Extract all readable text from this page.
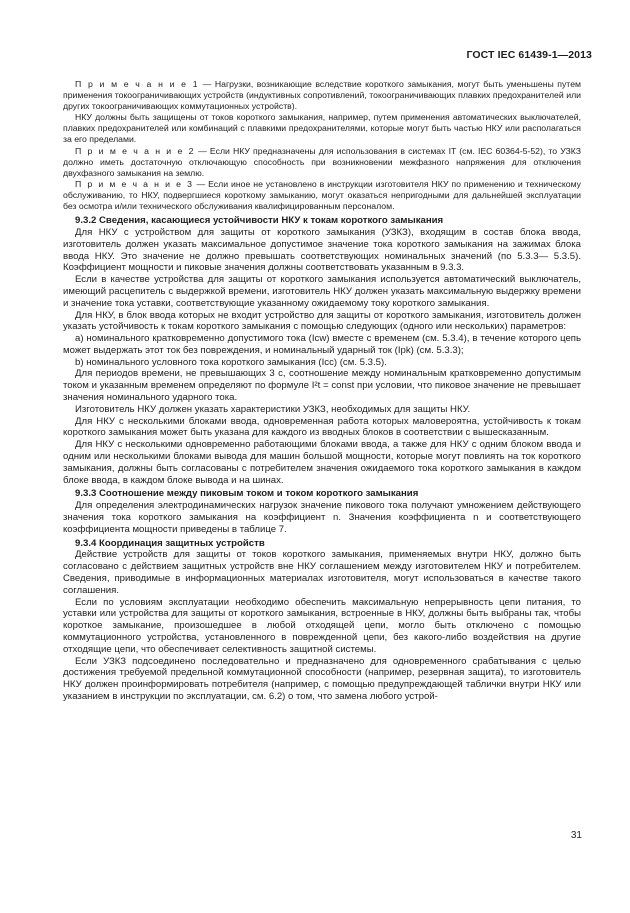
ГОСТ IEC 61439-1—2013

П р и м е ч а н и е 1 — Нагрузки, возникающие вследствие короткого замыкания, могут быть уменьшены путем применения токоограничивающих устройств (индуктивных сопротивлений, токоограничивающих плавких предохранителей или других токоограничивающих коммутационных устройств).

НКУ должны быть защищены от токов короткого замыкания, например, путем применения автоматических выключателей, плавких предохранителей или комбинаций с плавкими предохранителями, которые могут быть частью НКУ или располагаться за его пределами.

П р и м е ч а н и е 2 — Если НКУ предназначены для использования в системах IT (см. IEC 60364-5-52), то УЗКЗ должно иметь достаточную отключающую способность при возникновении межфазного напряжения для отключения двухфазного замыкания на землю.

П р и м е ч а н и е 3 — Если иное не установлено в инструкции изготовителя НКУ по применению и техническому обслуживанию, то НКУ, подвергшиеся короткому замыканию, могут оказаться непригодными для дальнейшей эксплуатации без осмотра и/или технического обслуживания квалифицированным персоналом.

9.3.2 Сведения, касающиеся устойчивости НКУ к токам короткого замыкания

Для НКУ с устройством для защиты от короткого замыкания (УЗКЗ), входящим в состав блока ввода, изготовитель должен указать максимальное допустимое значение тока короткого замыкания на зажимах блока ввода НКУ. Это значение не должно превышать соответствующих номинальных значений (по 5.3.3— 5.3.5). Коэффициент мощности и пиковые значения должны соответствовать указанным в 9.3.3.

Если в качестве устройства для защиты от короткого замыкания используется автоматический выключатель, имеющий расцепитель с выдержкой времени, изготовитель НКУ должен указать максимальную выдержку времени и значение тока уставки, соответствующие указанному ожидаемому току короткого замыкания.

Для НКУ, в блок ввода которых не входит устройство для защиты от короткого замыкания, изготовитель должен указать устойчивость к токам короткого замыкания с помощью следующих (одного или нескольких) параметров:

a) номинального кратковременно допустимого тока (Icw) вместе с временем (см. 5.3.4), в течение которого цепь может выдержать этот ток без повреждения, и номинальный ударный ток (Ipk) (см. 5.3.3);

b) номинального условного тока короткого замыкания (Icc) (см. 5.3.5).

Для периодов времени, не превышающих 3 с, соотношение между номинальным кратковременно допустимым током и указанным временем определяют по формуле I²t = const при условии, что пиковое значение не превышает значения номинального ударного тока.

Изготовитель НКУ должен указать характеристики УЗКЗ, необходимых для защиты НКУ.

Для НКУ с несколькими блоками ввода, одновременная работа которых маловероятна, устойчивость к токам короткого замыкания может быть указана для каждого из вводных блоков в соответствии с вышесказанным.

Для НКУ с несколькими одновременно работающими блоками ввода, а также для НКУ с одним блоком ввода и одним или несколькими блоками вывода для машин большой мощности, которые могут повлиять на ток короткого замыкания, должны быть согласованы с потребителем значения ожидаемого тока короткого замыкания в каждом блоке ввода, в каждом блоке вывода и на шинах.

9.3.3 Соотношение между пиковым током и током короткого замыкания

Для определения электродинамических нагрузок значение пикового тока получают умножением действующего значения тока короткого замыкания на коэффициент n. Значения коэффициента n и соответствующего коэффициента мощности приведены в таблице 7.

9.3.4 Координация защитных устройств

Действие устройств для защиты от токов короткого замыкания, применяемых внутри НКУ, должно быть согласовано с действием защитных устройств вне НКУ соглашением между изготовителем НКУ и потребителем. Сведения, приводимые в информационных материалах изготовителя, могут использоваться в качестве такого соглашения.

Если по условиям эксплуатации необходимо обеспечить максимальную непрерывность цепи питания, то уставки или устройства для защиты от короткого замыкания, встроенные в НКУ, должны быть выбраны так, чтобы короткое замыкание, произошедшее в любой отходящей цепи, могло быть отключено с помощью коммутационного устройства, установленного в поврежденной цепи, без какого-либо воздействия на другие отходящие цепи, что обеспечивает селективность защитной системы.

Если УЗКЗ подсоединено последовательно и предназначено для одновременного срабатывания с целью достижения требуемой предельной коммутационной способности (например, резервная защита), то изготовитель НКУ должен проинформировать потребителя (например, с помощью предупреждающей таблички внутри НКУ или указанием в инструкции по эксплуатации, см. 6.2) о том, что замена любого устрой-

31
